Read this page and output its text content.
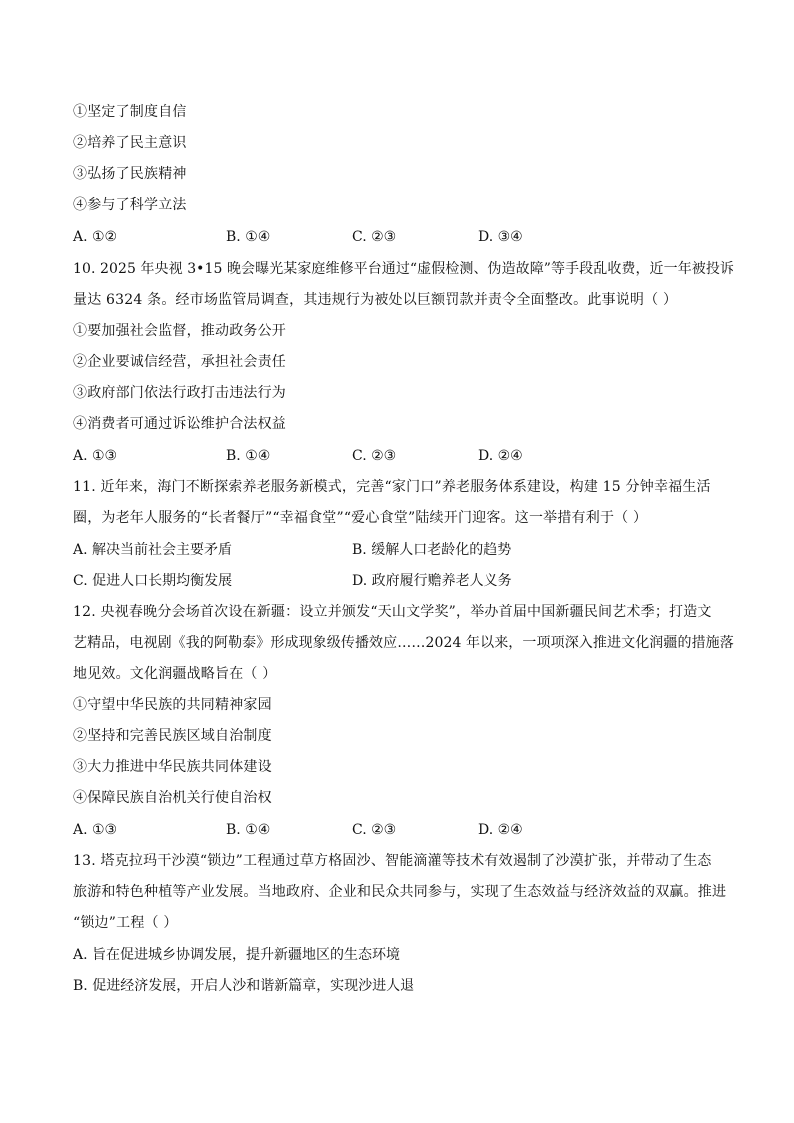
①坚定了制度自信
②培养了民主意识
③弘扬了民族精神
④参与了科学立法
A. ①②	B. ①④	C. ②③	D. ③④
10. 2025 年央视 3•15 晚会曝光某家庭维修平台通过“虚假检测、伪造故障”等手段乱收费，近一年被投诉
量达 6324 条。经市场监管局调查，其违规行为被处以巨额罚款并责令全面整改。此事说明（ ）
①要加强社会监督，推动政务公开
②企业要诚信经营，承担社会责任
③政府部门依法行政打击违法行为
④消费者可通过诉讼维护合法权益
A. ①③	B. ①④	C. ②③	D. ②④
11. 近年来，海门不断探索养老服务新模式，完善“家门口”养老服务体系建设，构建 15 分钟幸福生活
圈，为老年人服务的“长者餐厅”“幸福食堂”“爱心食堂”陆续开门迎客。这一举措有利于（ ）
A. 解决当前社会主要矛盾	B. 缓解人口老龄化的趋势
C. 促进人口长期均衡发展	D. 政府履行赡养老人义务
12. 央视春晚分会场首次设在新疆：设立并颁发“天山文学奖”，举办首届中国新疆民间艺术季；打造文
艺精品，电视剧《我的阿勒泰》形成现象级传播效应……2024 年以来，一项项深入推进文化润疆的措施落
地见效。文化润疆战略旨在（ ）
①守望中华民族的共同精神家园
②坚持和完善民族区域自治制度
③大力推进中华民族共同体建设
④保障民族自治机关行使自治权
A. ①③	B. ①④	C. ②③	D. ②④
13. 塔克拉玛干沙漠“锁边”工程通过草方格固沙、智能滴灌等技术有效遏制了沙漠扩张，并带动了生态
旅游和特色种植等产业发展。当地政府、企业和民众共同参与，实现了生态效益与经济效益的双赢。推进
“锁边”工程（ ）
A. 旨在促进城乡协调发展，提升新疆地区的生态环境
B. 促进经济发展，开启人沙和谐新篇章，实现沙进人退
